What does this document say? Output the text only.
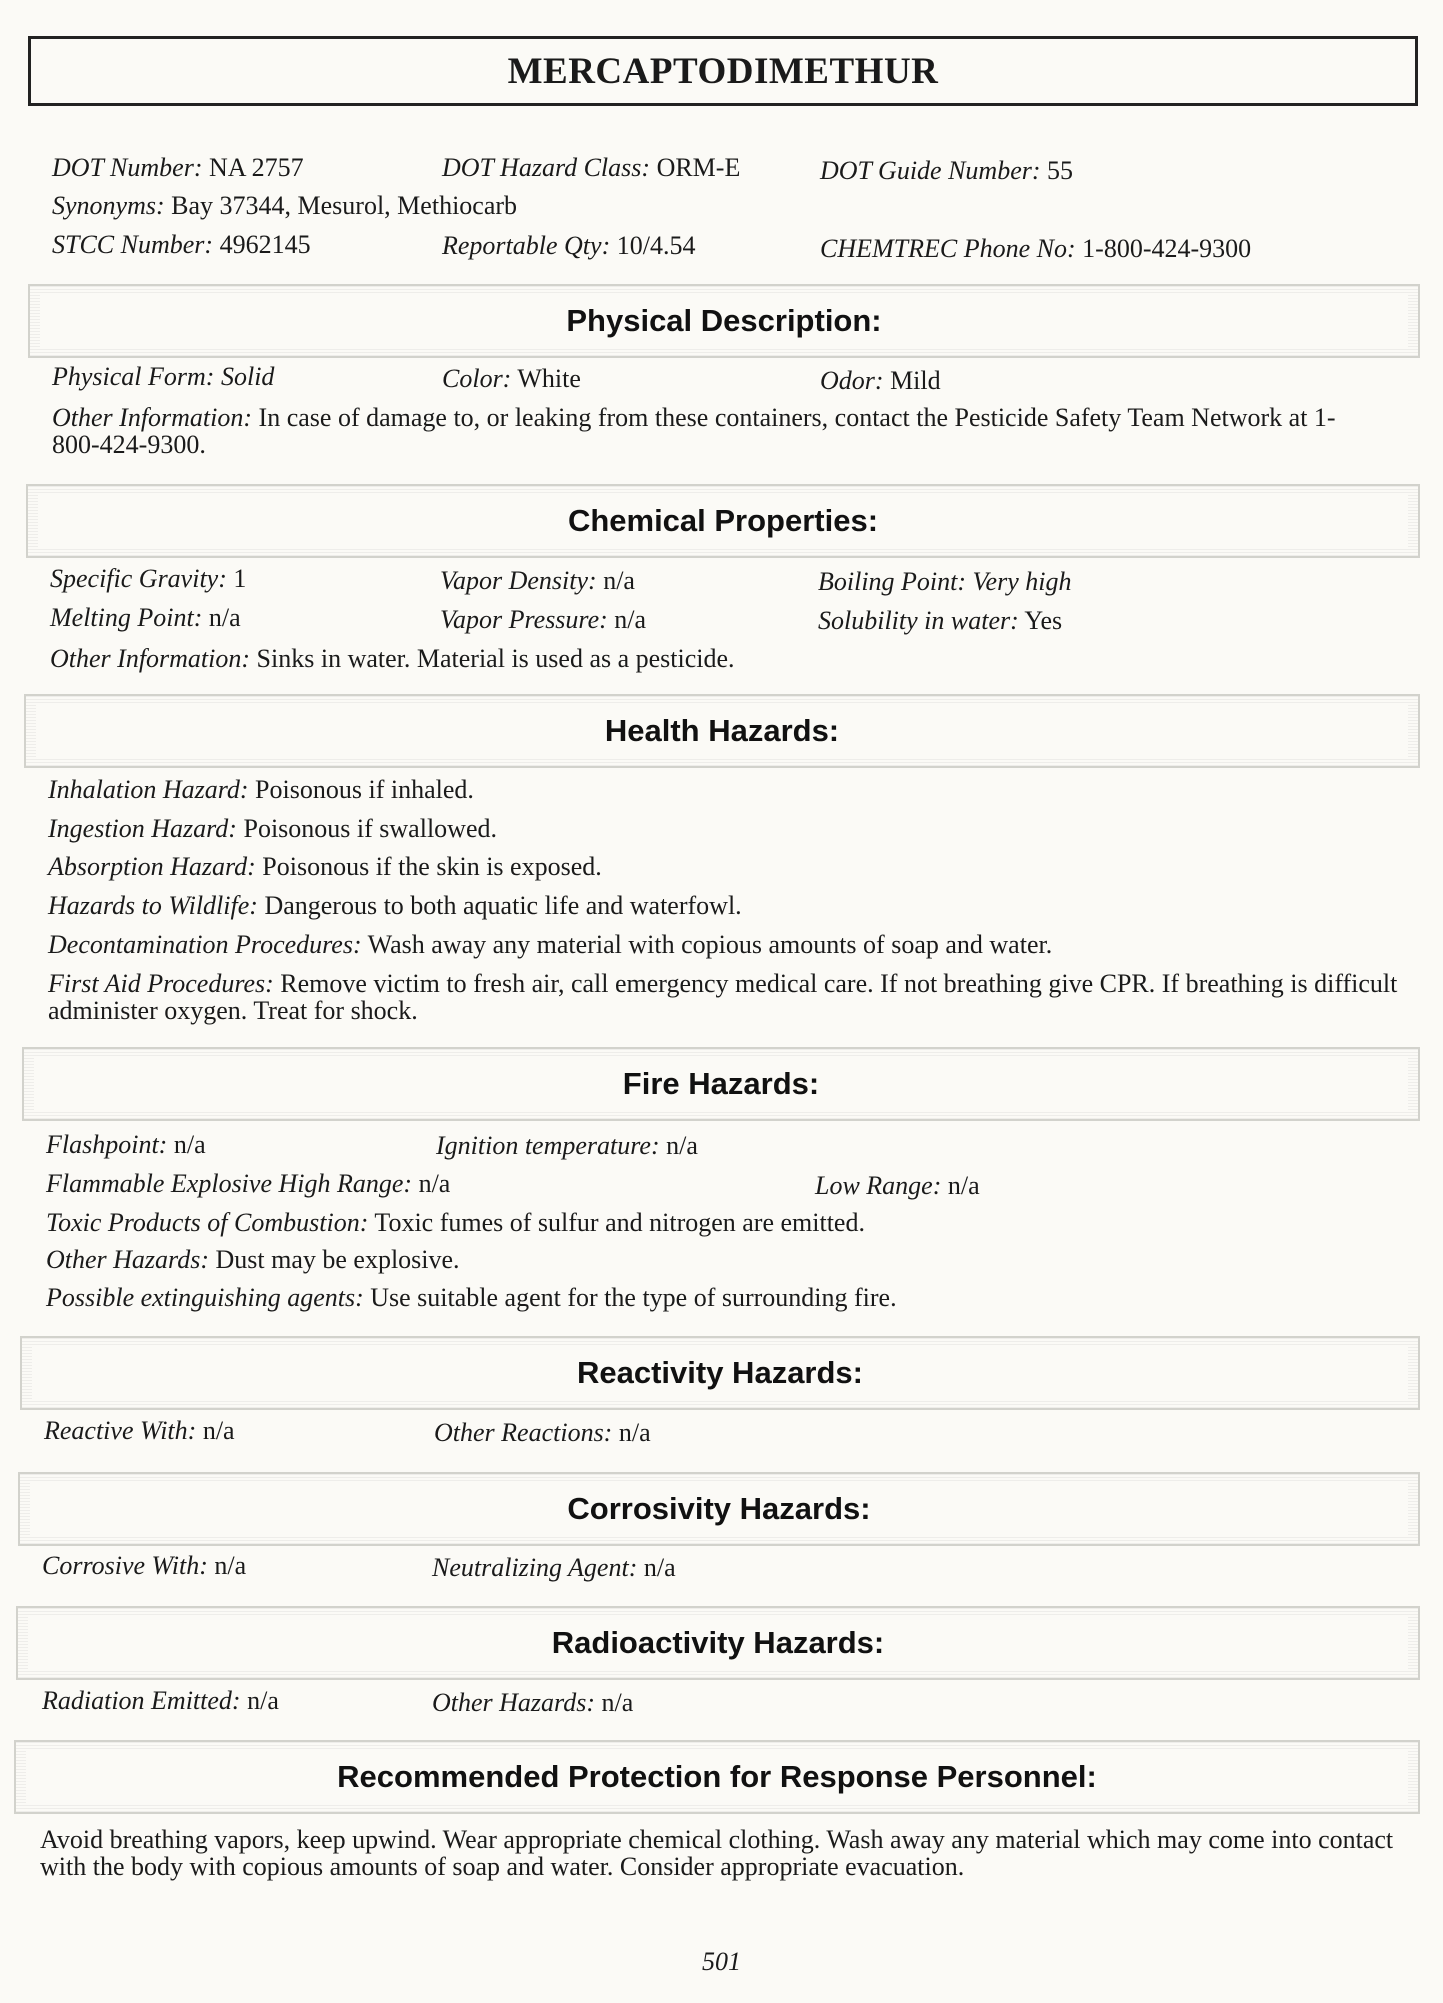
MERCAPTODIMETHUR
DOT Number: NA 2757	DOT Hazard Class: ORM-E	DOT Guide Number: 55
Synonyms: Bay 37344, Mesurol, Methiocarb
STCC Number: 4962145	Reportable Qty: 10/4.54	CHEMTREC Phone No: 1-800-424-9300
Physical Description:
Physical Form: Solid	Color: White	Odor: Mild
Other Information: In case of damage to, or leaking from these containers, contact the Pesticide Safety Team Network at 1-800-424-9300.
Chemical Properties:
Specific Gravity: 1	Vapor Density: n/a	Boiling Point: Very high
Melting Point: n/a	Vapor Pressure: n/a	Solubility in water: Yes
Other Information: Sinks in water. Material is used as a pesticide.
Health Hazards:
Inhalation Hazard: Poisonous if inhaled.
Ingestion Hazard: Poisonous if swallowed.
Absorption Hazard: Poisonous if the skin is exposed.
Hazards to Wildlife: Dangerous to both aquatic life and waterfowl.
Decontamination Procedures: Wash away any material with copious amounts of soap and water.
First Aid Procedures: Remove victim to fresh air, call emergency medical care. If not breathing give CPR. If breathing is difficult administer oxygen. Treat for shock.
Fire Hazards:
Flashpoint: n/a	Ignition temperature: n/a
Flammable Explosive High Range: n/a	Low Range: n/a
Toxic Products of Combustion: Toxic fumes of sulfur and nitrogen are emitted.
Other Hazards: Dust may be explosive.
Possible extinguishing agents: Use suitable agent for the type of surrounding fire.
Reactivity Hazards:
Reactive With: n/a	Other Reactions: n/a
Corrosivity Hazards:
Corrosive With: n/a	Neutralizing Agent: n/a
Radioactivity Hazards:
Radiation Emitted: n/a	Other Hazards: n/a
Recommended Protection for Response Personnel:
Avoid breathing vapors, keep upwind. Wear appropriate chemical clothing. Wash away any material which may come into contact with the body with copious amounts of soap and water. Consider appropriate evacuation.
501
